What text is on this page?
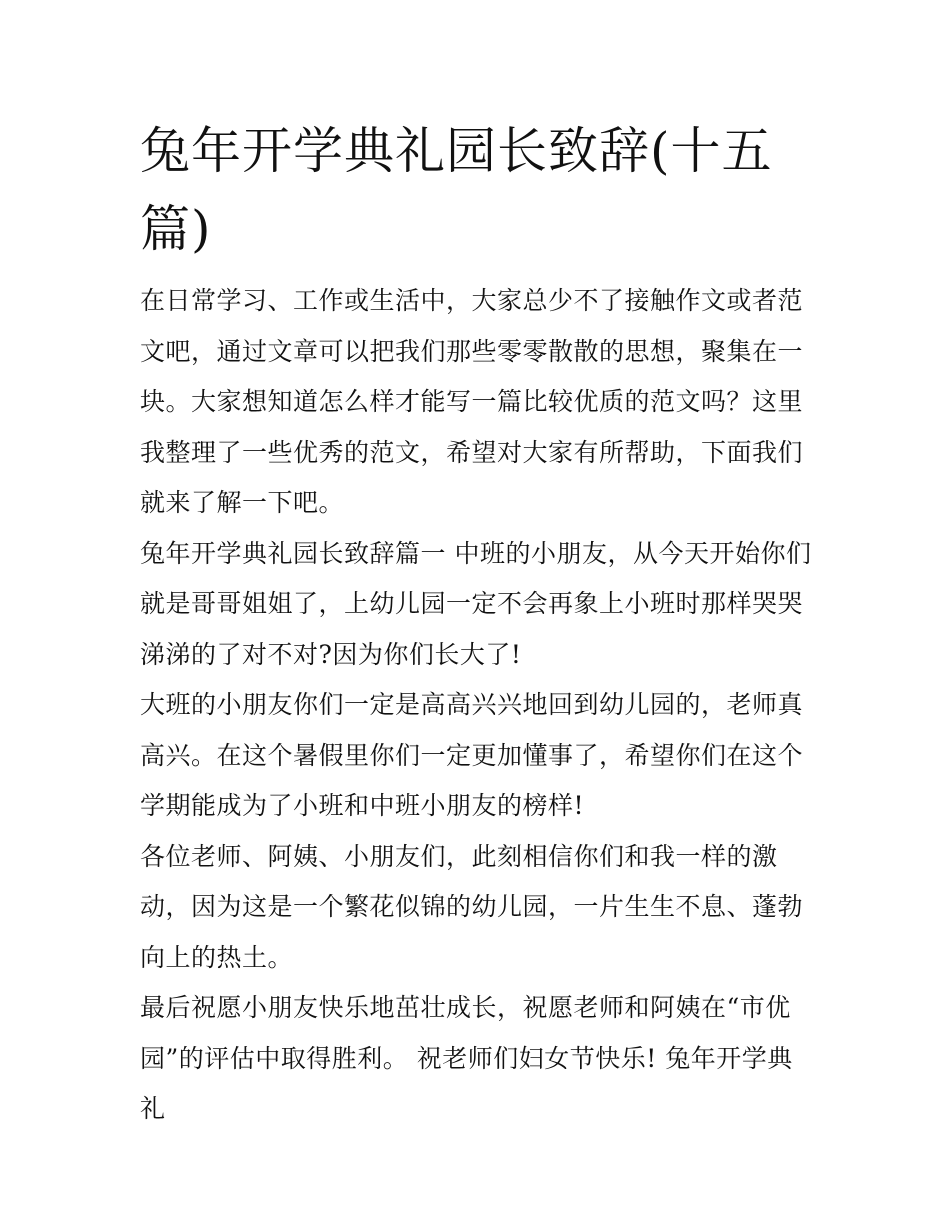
兔年开学典礼园长致辞(十五篇)

在日常学习、工作或生活中，大家总少不了接触作文或者范文吧，通过文章可以把我们那些零零散散的思想，聚集在一块。大家想知道怎么样才能写一篇比较优质的范文吗？这里我整理了一些优秀的范文，希望对大家有所帮助，下面我们就来了解一下吧。

兔年开学典礼园长致辞篇一 中班的小朋友，从今天开始你们就是哥哥姐姐了，上幼儿园一定不会再象上小班时那样哭哭涕涕的了对不对?因为你们长大了!

大班的小朋友你们一定是高高兴兴地回到幼儿园的，老师真高兴。在这个暑假里你们一定更加懂事了，希望你们在这个学期能成为了小班和中班小朋友的榜样!

各位老师、阿姨、小朋友们，此刻相信你们和我一样的激动，因为这是一个繁花似锦的幼儿园，一片生生不息、蓬勃向上的热土。

最后祝愿小朋友快乐地茁壮成长，祝愿老师和阿姨在“市优园”的评估中取得胜利。 祝老师们妇女节快乐! 兔年开学典礼
